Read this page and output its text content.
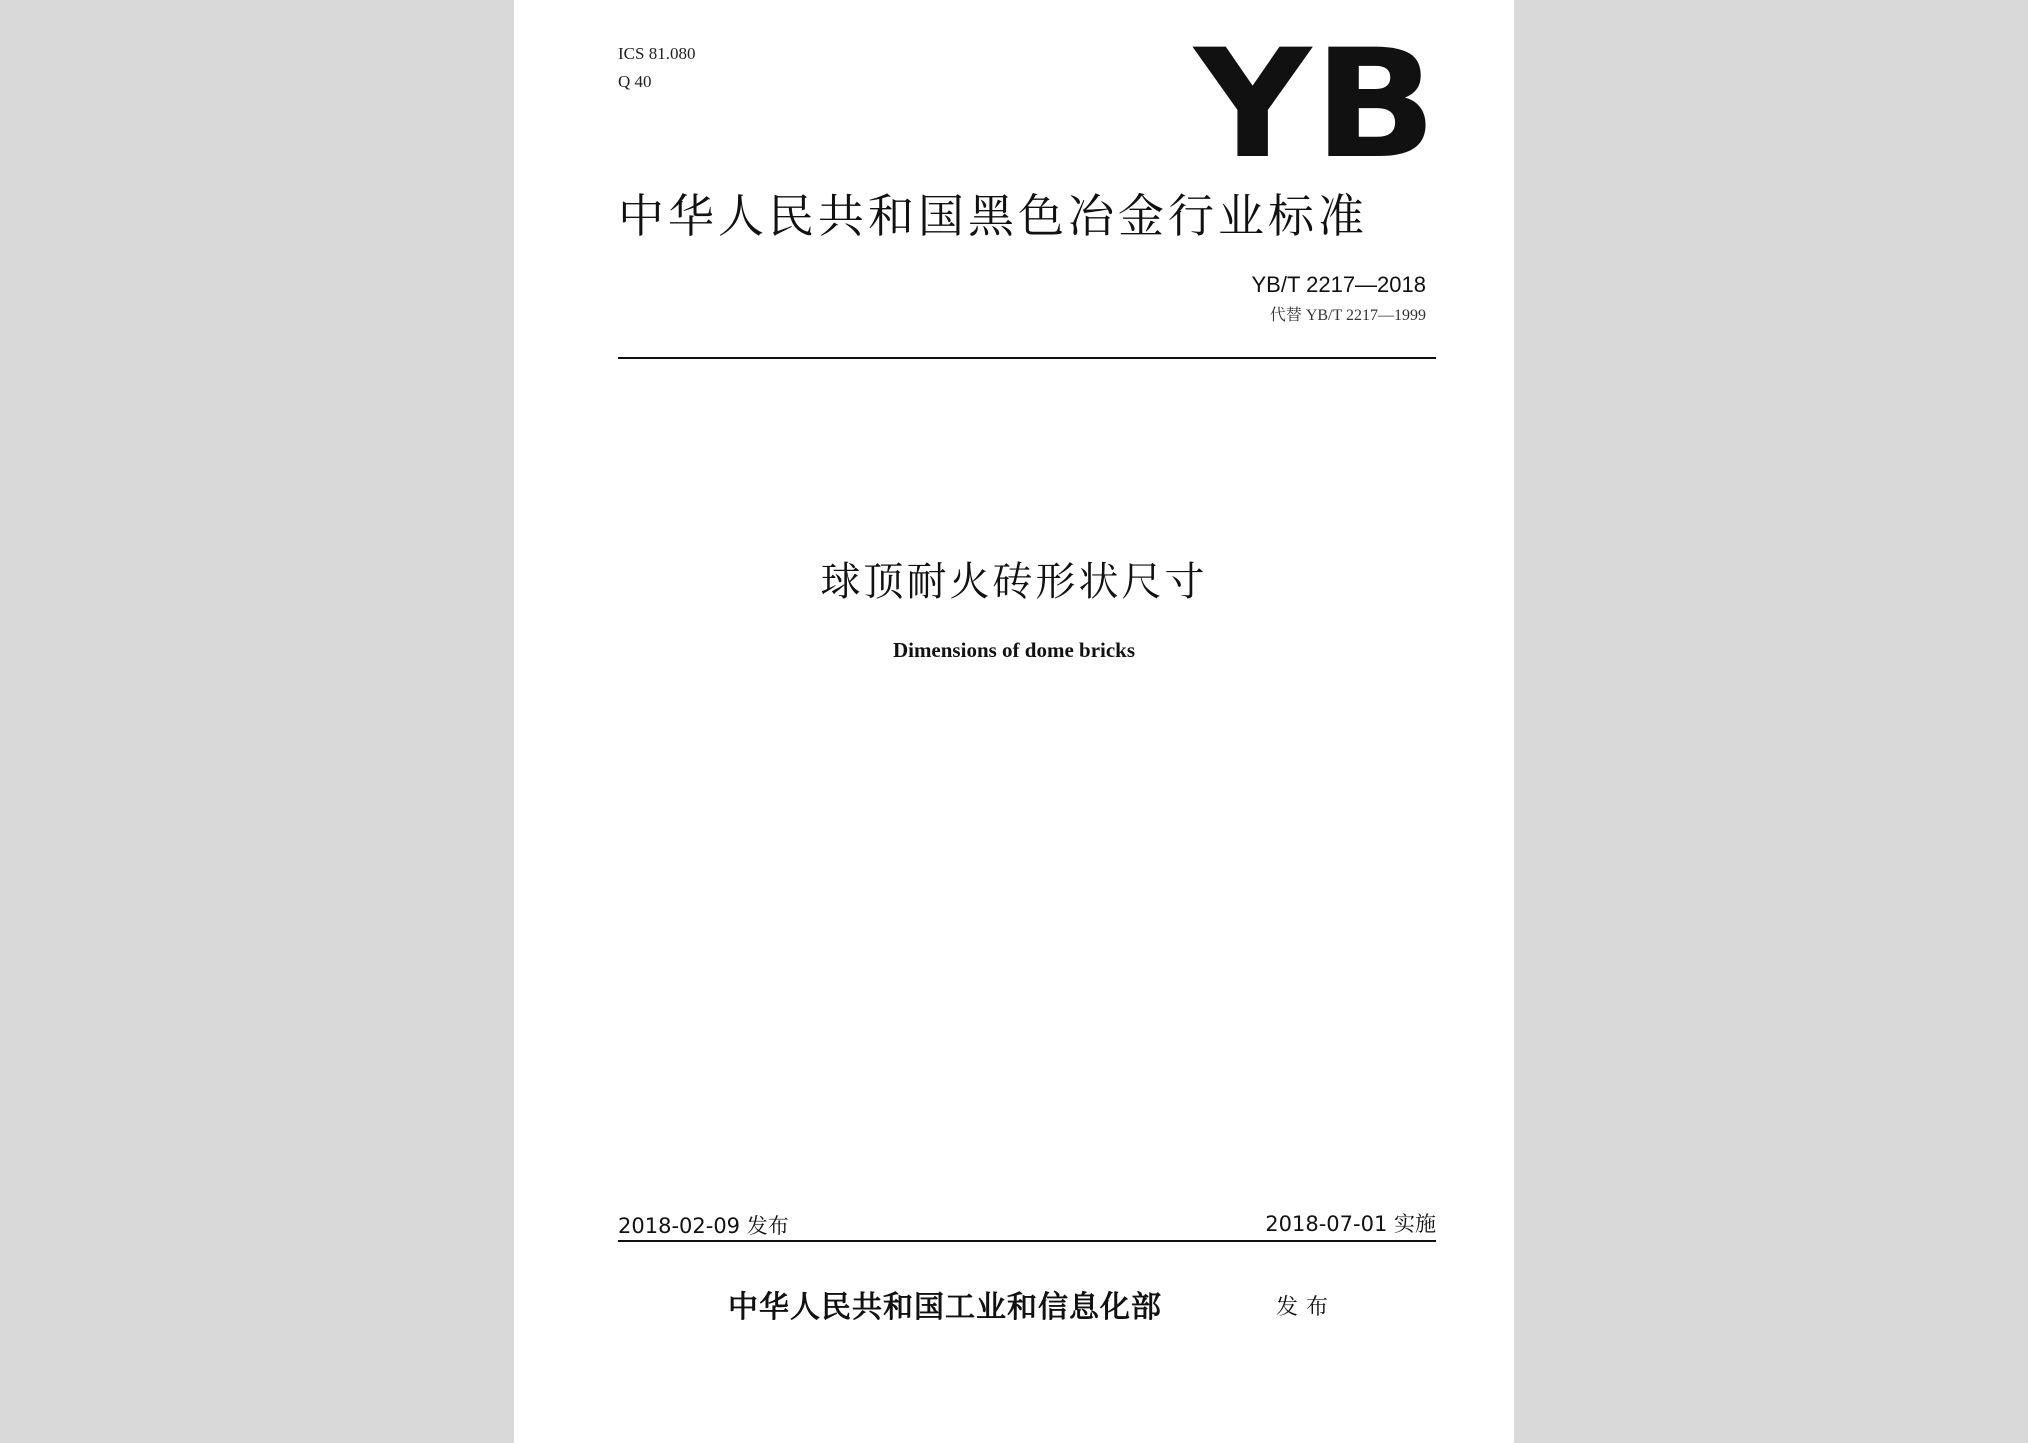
ICS 81.080
Q 40	YB
中华人民共和国黑色冶金行业标准
YB/T 2217—2018
代替 YB/T 2217—1999
球顶耐火砖形状尺寸
Dimensions of dome bricks
2018-02-09 发布	2018-07-01 实施
中华人民共和国工业和信息化部	发布
